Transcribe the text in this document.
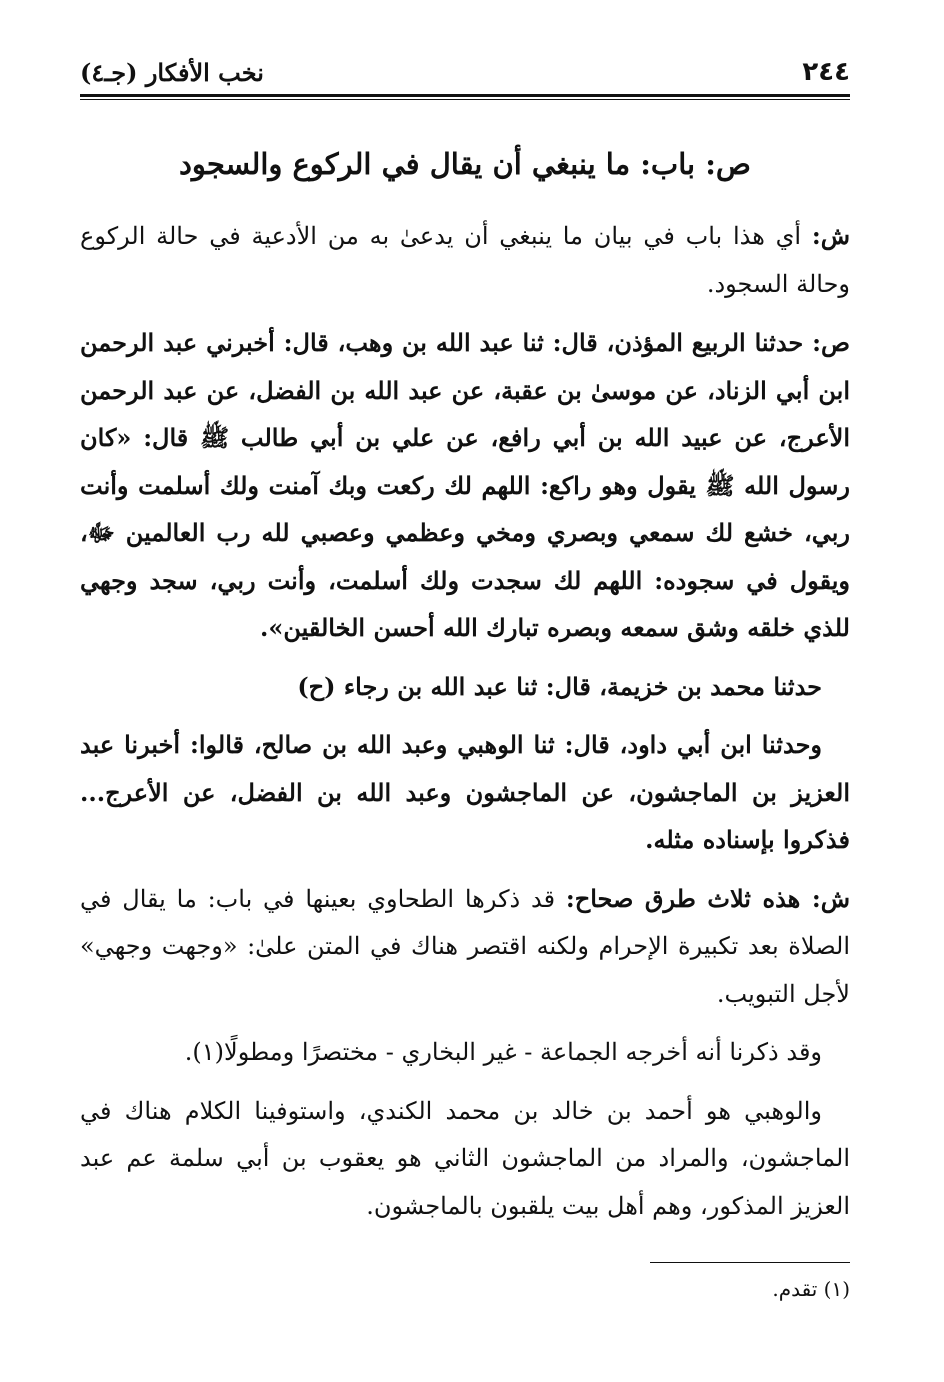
٢٤٤
نخب الأفكار (جـ٤)
ص: باب: ما ينبغي أن يقال في الركوع والسجود

ش: أي هذا باب في بيان ما ينبغي أن يدعىٰ به من الأدعية في حالة الركوع وحالة السجود.

ص: حدثنا الربيع المؤذن، قال: ثنا عبد الله بن وهب، قال: أخبرني عبد الرحمن ابن أبي الزناد، عن موسىٰ بن عقبة، عن عبد الله بن الفضل، عن عبد الرحمن الأعرج، عن عبيد الله بن أبي رافع، عن علي بن أبي طالب ﷺ قال: «كان رسول الله ﷺ يقول وهو راكع: اللهم لك ركعت وبك آمنت ولك أسلمت وأنت ربي، خشع لك سمعي وبصري ومخي وعظمي وعصبي لله رب العالمين ﷻ، ويقول في سجوده: اللهم لك سجدت ولك أسلمت، وأنت ربي، سجد وجهي للذي خلقه وشق سمعه وبصره تبارك الله أحسن الخالقين».

حدثنا محمد بن خزيمة، قال: ثنا عبد الله بن رجاء (ح)

وحدثنا ابن أبي داود، قال: ثنا الوهبي وعبد الله بن صالح، قالوا: أخبرنا عبد العزيز بن الماجشون، عن الماجشون وعبد الله بن الفضل، عن الأعرج... فذكروا بإسناده مثله.

ش: هذه ثلاث طرق صحاح: قد ذكرها الطحاوي بعينها في باب: ما يقال في الصلاة بعد تكبيرة الإحرام ولكنه اقتصر هناك في المتن علىٰ: «وجهت وجهي» لأجل التبويب.

وقد ذكرنا أنه أخرجه الجماعة - غير البخاري - مختصرًا ومطولًا(١).

والوهبي هو أحمد بن خالد بن محمد الكندي، واستوفينا الكلام هناك في الماجشون، والمراد من الماجشون الثاني هو يعقوب بن أبي سلمة عم عبد العزيز المذكور، وهم أهل بيت يلقبون بالماجشون.

(١) تقدم.
